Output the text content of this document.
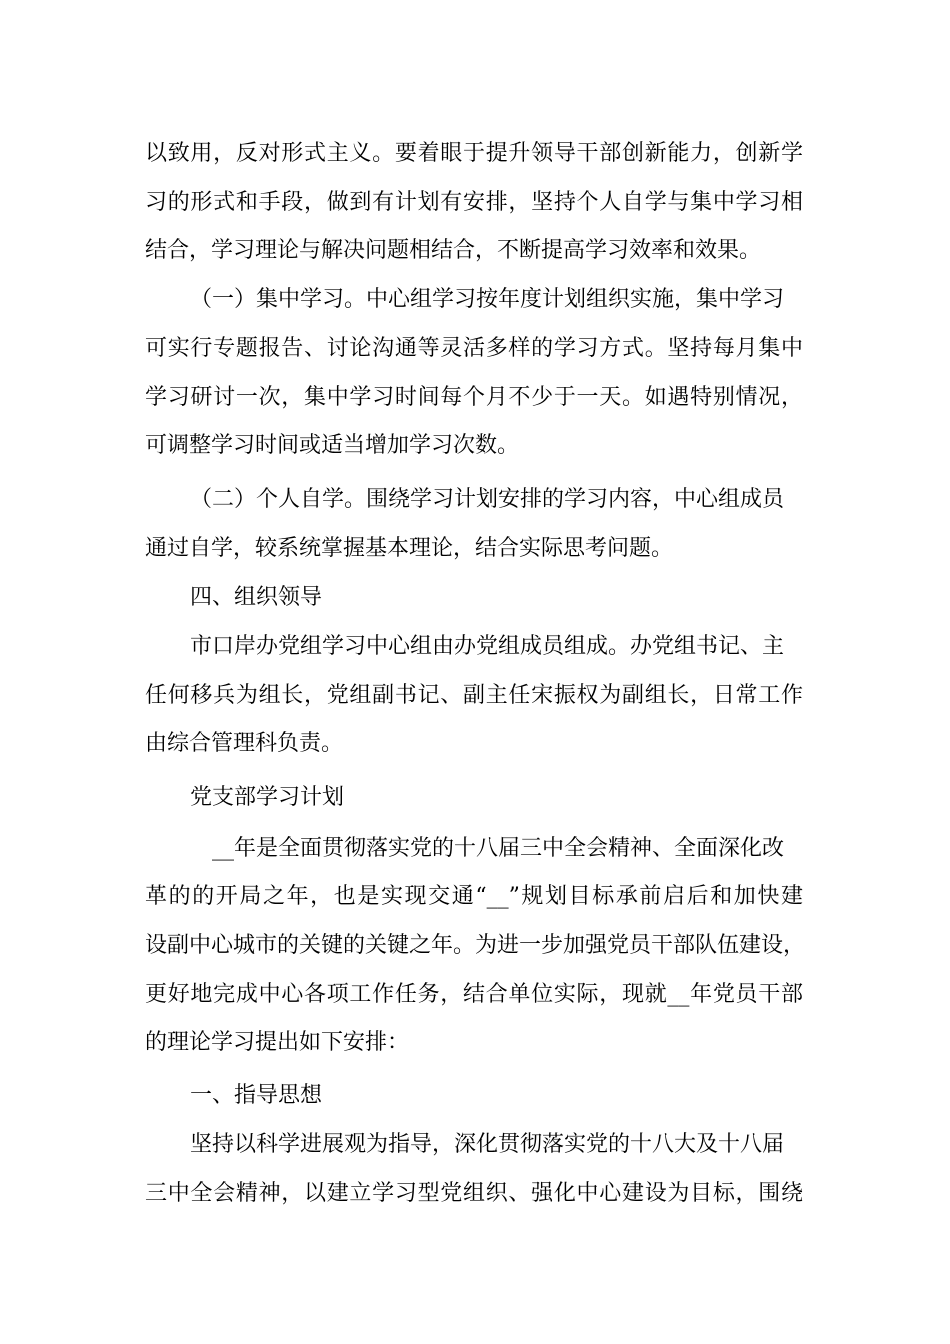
以致用，反对形式主义。要着眼于提升领导干部创新能力，创新学
习的形式和手段，做到有计划有安排，坚持个人自学与集中学习相
结合，学习理论与解决问题相结合，不断提高学习效率和效果。
（一）集中学习。中心组学习按年度计划组织实施，集中学习
可实行专题报告、讨论沟通等灵活多样的学习方式。坚持每月集中
学习研讨一次，集中学习时间每个月不少于一天。如遇特别情况，
可调整学习时间或适当增加学习次数。
（二）个人自学。围绕学习计划安排的学习内容，中心组成员
通过自学，较系统掌握基本理论，结合实际思考问题。
四、组织领导
市口岸办党组学习中心组由办党组成员组成。办党组书记、主
任何移兵为组长，党组副书记、副主任宋振权为副组长，日常工作
由综合管理科负责。
党支部学习计划
__年是全面贯彻落实党的十八届三中全会精神、全面深化改
革的的开局之年，也是实现交通“__”规划目标承前启后和加快建
设副中心城市的关键的关键之年。为进一步加强党员干部队伍建设，
更好地完成中心各项工作任务，结合单位实际，现就__年党员干部
的理论学习提出如下安排：
一、指导思想
坚持以科学进展观为指导，深化贯彻落实党的十八大及十八届
三中全会精神，以建立学习型党组织、强化中心建设为目标，围绕
